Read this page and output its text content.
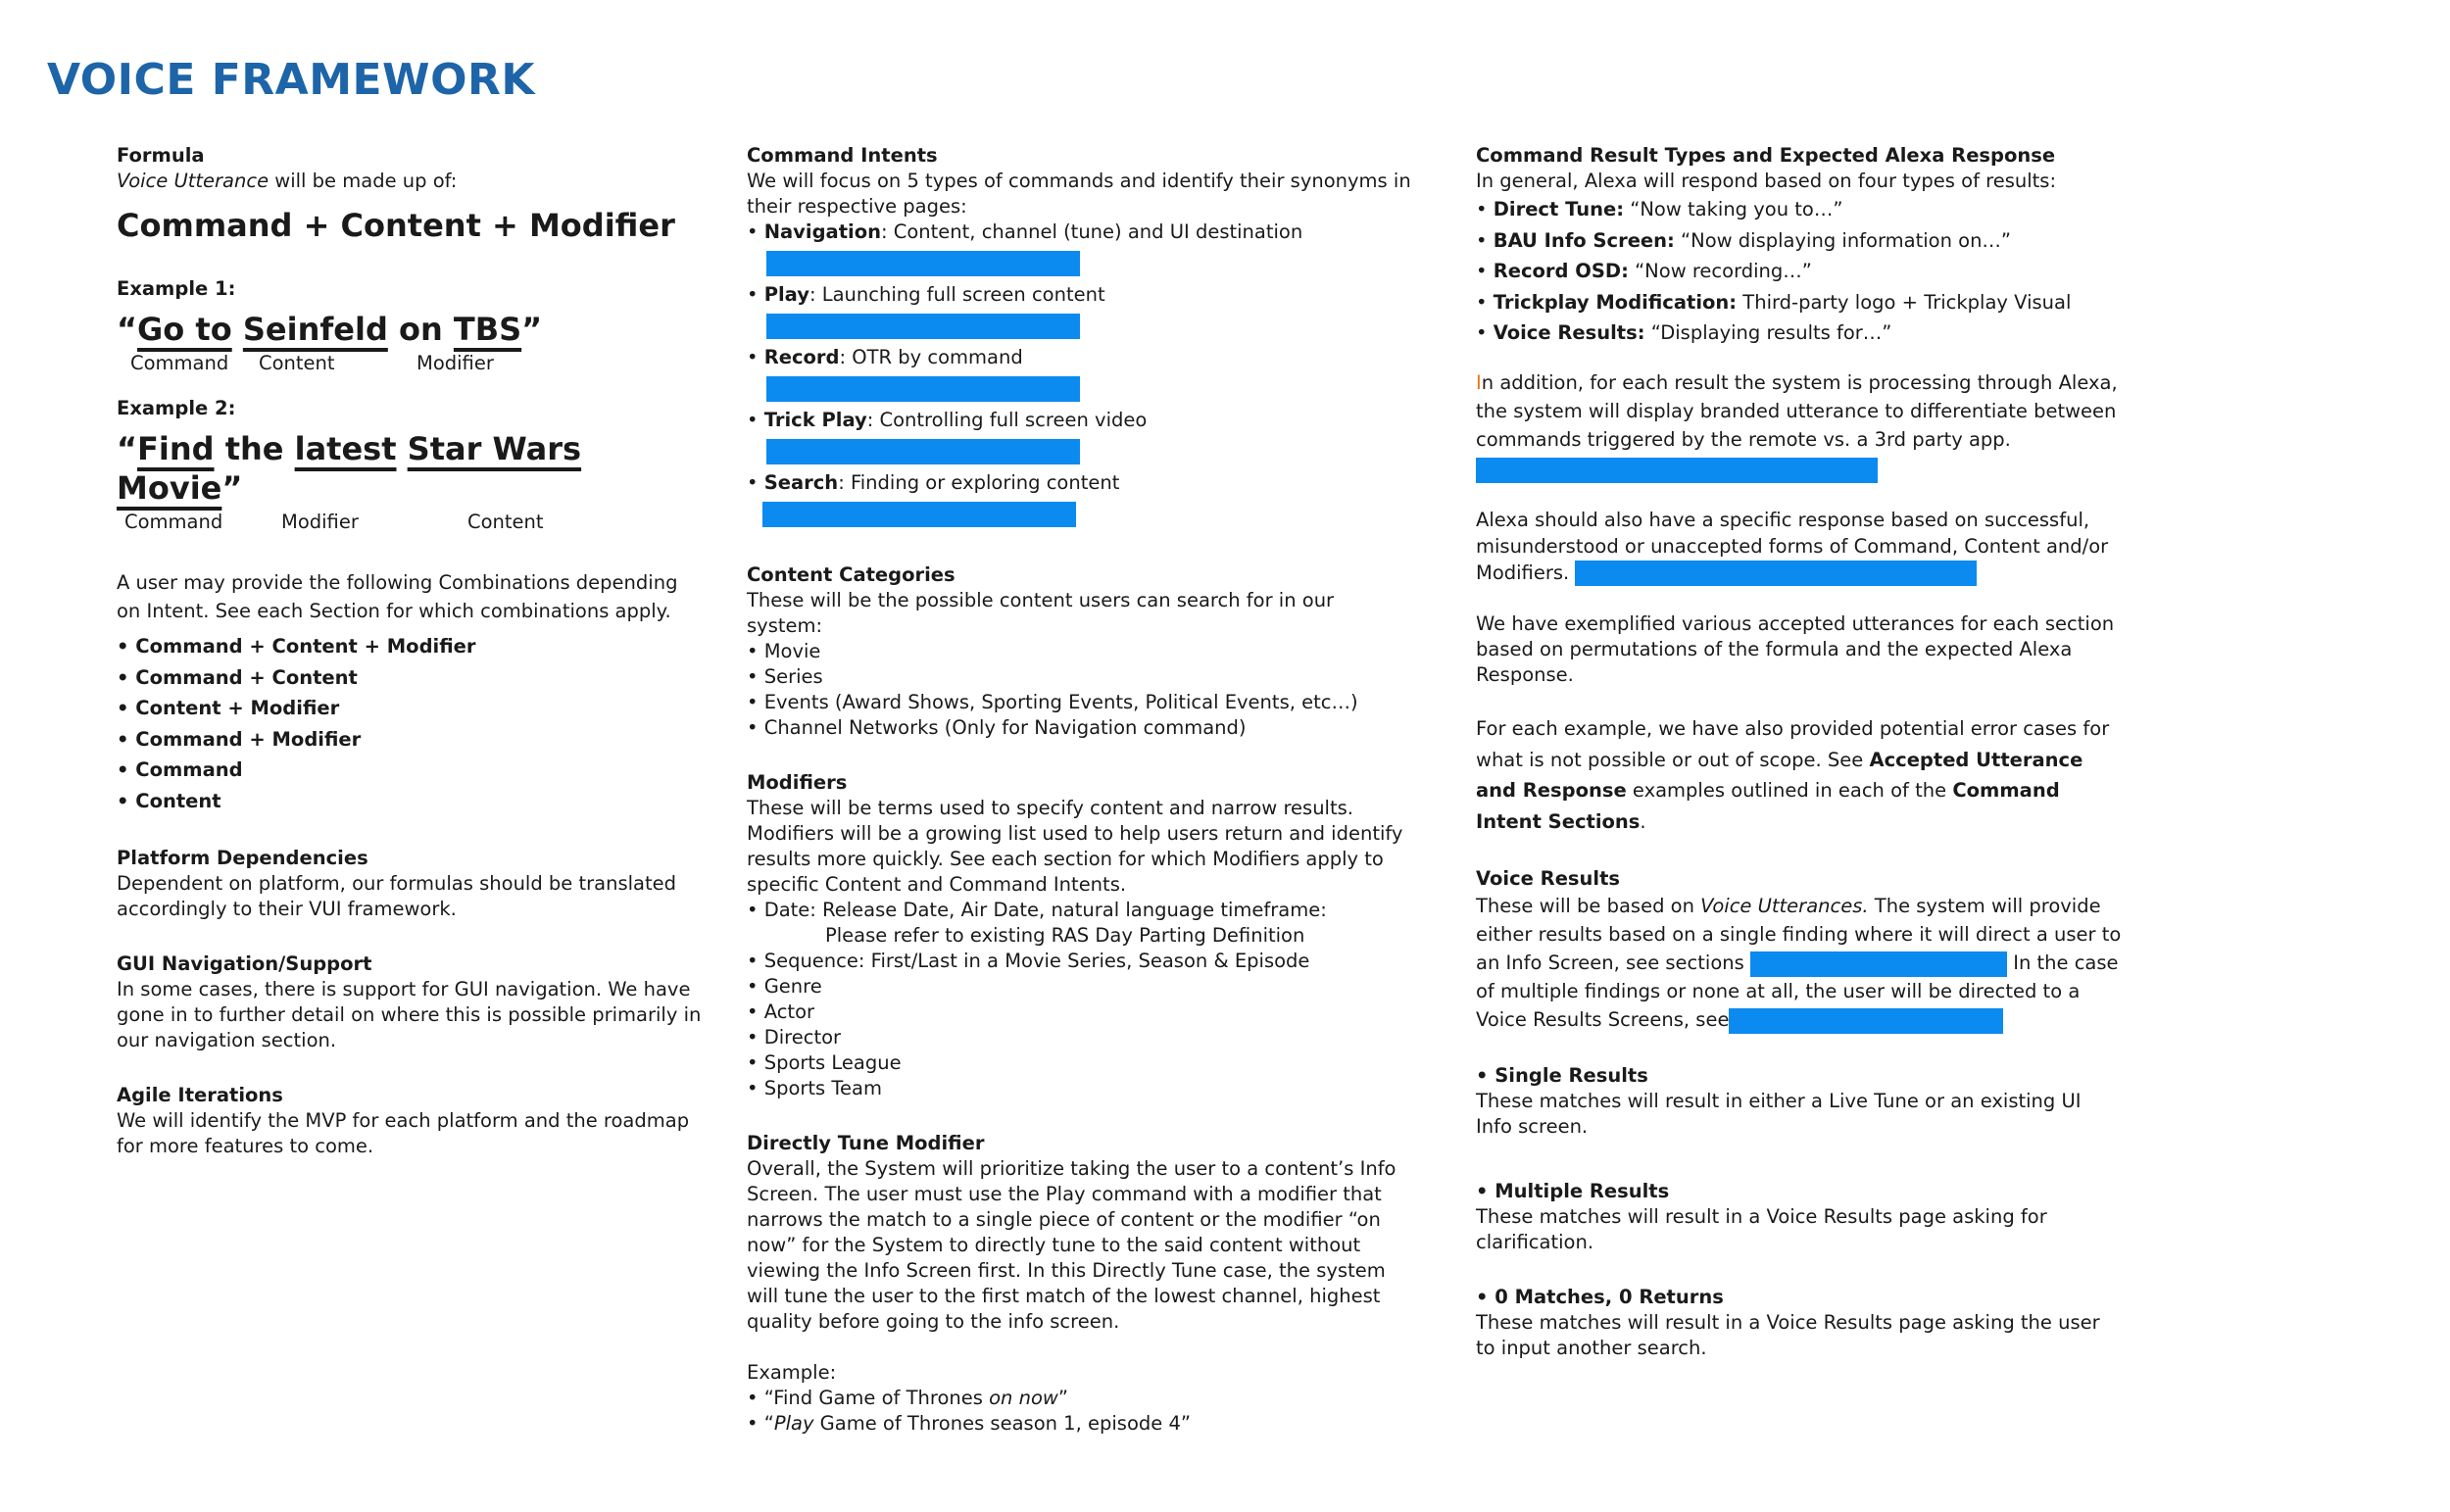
VOICE FRAMEWORK
Formula
Voice Utterance will be made up of:
Command + Content + Modifier
Example 1:
“Go to Seinfeld on TBS”
Command Content	Modifier
Example 2:
“Find the latest Star Wars Movie”
Command	Modifier	Content
A user may provide the following Combinations depending on Intent. See each Section for which combinations apply.
• Command + Content + Modifier
• Command + Content
• Content + Modifier
• Command + Modifier
• Command
• Content
Platform Dependencies
Dependent on platform, our formulas should be translated accordingly to their VUI framework.
GUI Navigation/Support
In some cases, there is support for GUI navigation. We have gone in to further detail on where this is possible primarily in our navigation section.
Agile Iterations
We will identify the MVP for each platform and the roadmap for more features to come.
Command Intents
We will focus on 5 types of commands and identify their synonyms in their respective pages:
• Navigation: Content, channel (tune) and UI destination
• Play: Launching full screen content
• Record: OTR by command
• Trick Play: Controlling full screen video
• Search: Finding or exploring content
Content Categories
These will be the possible content users can search for in our system:
• Movie
• Series
• Events (Award Shows, Sporting Events, Political Events, etc…)
• Channel Networks (Only for Navigation command)
Modifiers
These will be terms used to specify content and narrow results. Modifiers will be a growing list used to help users return and identify results more quickly. See each section for which Modifiers apply to specific Content and Command Intents.
• Date: Release Date, Air Date, natural language timeframe:
Please refer to existing RAS Day Parting Definition
• Sequence: First/Last in a Movie Series, Season & Episode
• Genre
• Actor
• Director
• Sports League
• Sports Team
Directly Tune Modifier
Overall, the System will prioritize taking the user to a content’s Info Screen. The user must use the Play command with a modifier that narrows the match to a single piece of content or the modifier “on now” for the System to directly tune to the said content without viewing the Info Screen first. In this Directly Tune case, the system will tune the user to the first match of the lowest channel, highest quality before going to the info screen.
Example:
• “Find Game of Thrones on now”
• “Play Game of Thrones season 1, episode 4”
Command Result Types and Expected Alexa Response
In general, Alexa will respond based on four types of results:
• Direct Tune: “Now taking you to…”
• BAU Info Screen: “Now displaying information on…”
• Record OSD: “Now recording…”
• Trickplay Modification: Third-party logo + Trickplay Visual
• Voice Results: “Displaying results for…”
In addition, for each result the system is processing through Alexa, the system will display branded utterance to differentiate between commands triggered by the remote vs. a 3rd party app.
Alexa should also have a specific response based on successful, misunderstood or unaccepted forms of Command, Content and/or Modifiers.
We have exemplified various accepted utterances for each section based on permutations of the formula and the expected Alexa Response.
For each example, we have also provided potential error cases for what is not possible or out of scope. See Accepted Utterance and Response examples outlined in each of the Command Intent Sections.
Voice Results
These will be based on Voice Utterances. The system will provide either results based on a single finding where it will direct a user to an Info Screen, see sections	In the case of multiple findings or none at all, the user will be directed to a Voice Results Screens, see
• Single Results
These matches will result in either a Live Tune or an existing UI Info screen.
• Multiple Results
These matches will result in a Voice Results page asking for clarification.
• 0 Matches, 0 Returns
These matches will result in a Voice Results page asking the user to input another search.
